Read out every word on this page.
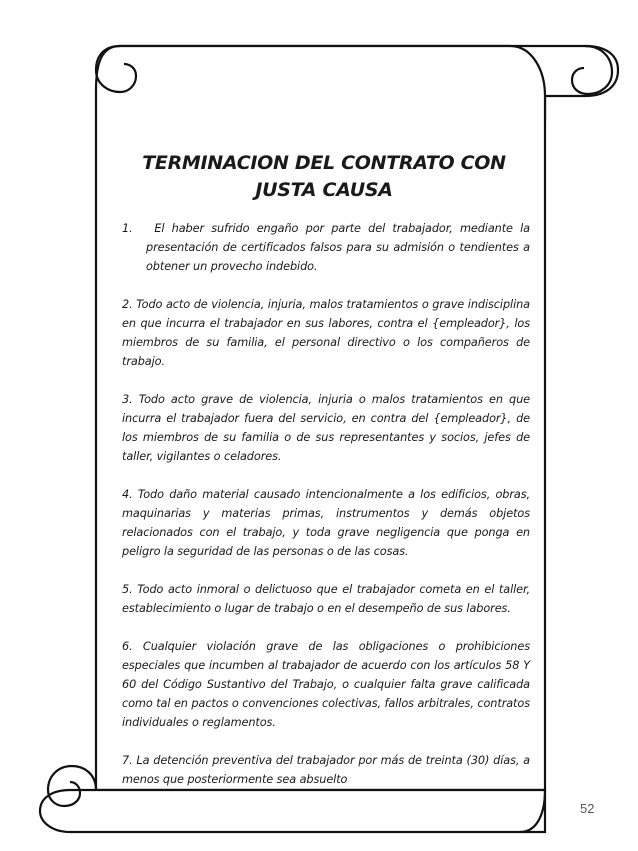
TERMINACION DEL CONTRATO CON
JUSTA CAUSA

1.   El haber sufrido engaño por parte del trabajador, mediante la presentación de certificados falsos para su admisión o tendientes a obtener un provecho indebido.

2. Todo acto de violencia, injuria, malos tratamientos o grave indisciplina en que incurra el trabajador en sus labores, contra el {empleador}, los miembros de su familia, el personal directivo o los compañeros de trabajo.

3. Todo acto grave de violencia, injuria o malos tratamientos en que incurra el trabajador fuera del servicio, en contra del {empleador}, de los miembros de su familia o de sus representantes y socios, jefes de taller, vigilantes o celadores.

4. Todo daño material causado intencionalmente a los edificios, obras, maquinarias y materias primas, instrumentos y demás objetos relacionados con el trabajo, y toda grave negligencia que ponga en peligro la seguridad de las personas o de las cosas.

5. Todo acto inmoral o delictuoso que el trabajador cometa en el taller, establecimiento o lugar de trabajo o en el desempeño de sus labores.

6. Cualquier violación grave de las obligaciones o prohibiciones especiales que incumben al trabajador de acuerdo con los artículos 58 Y 60 del Código Sustantivo del Trabajo, o cualquier falta grave calificada como tal en pactos o convenciones colectivas, fallos arbitrales, contratos individuales o reglamentos.

7. La detención preventiva del trabajador por más de treinta (30) días, a menos que posteriormente sea absuelto

52
